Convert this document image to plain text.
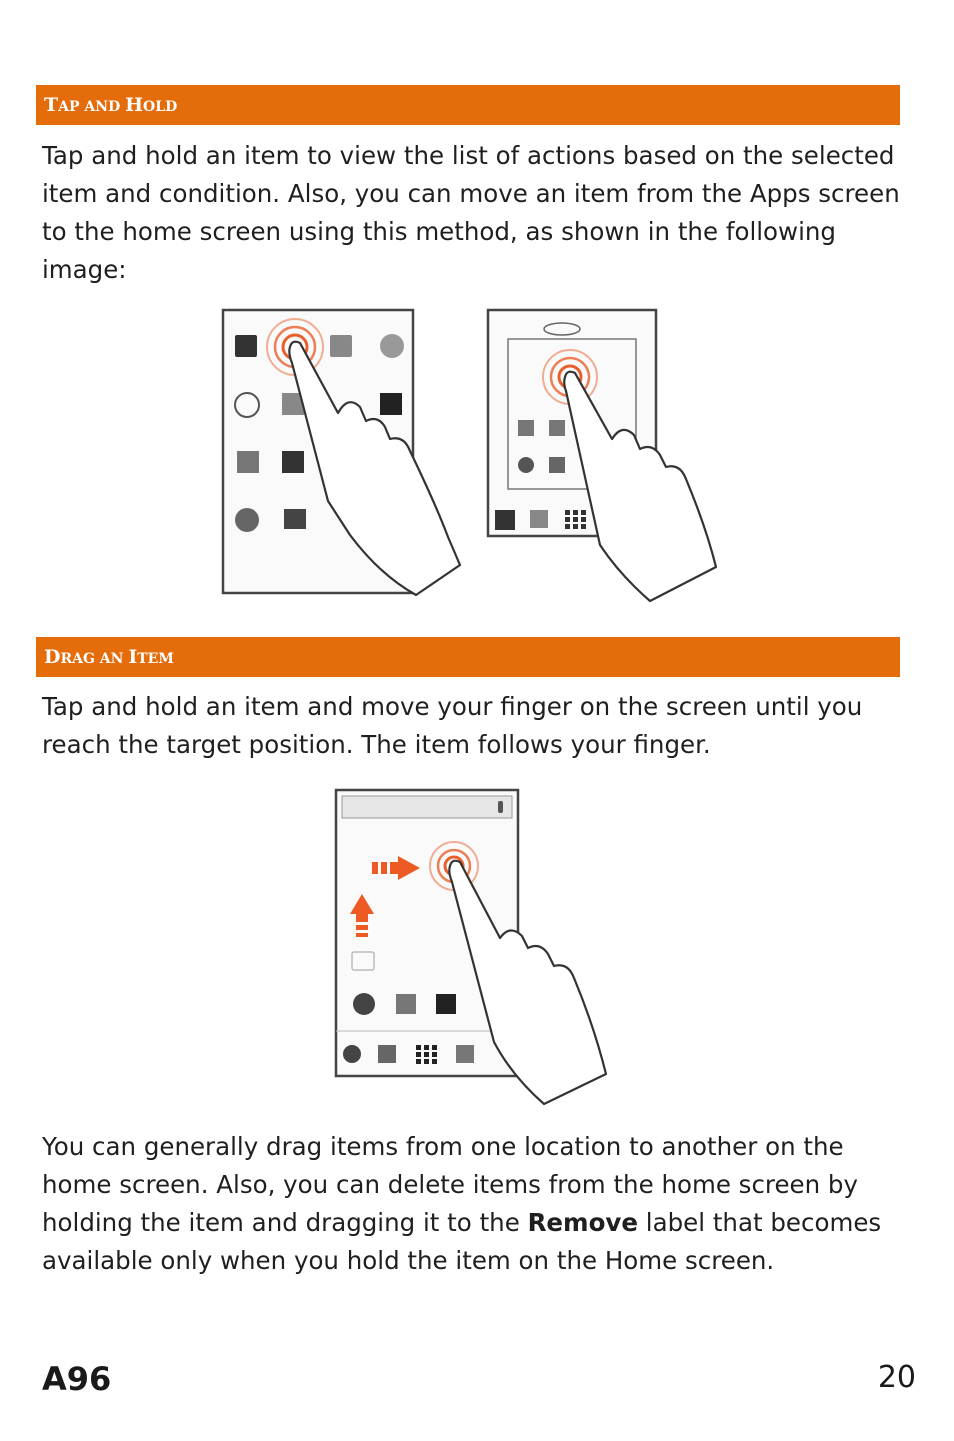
TAP AND HOLD

Tap and hold an item to view the list of actions based on the selected item and condition. Also, you can move an item from the Apps screen to the home screen using this method, as shown in the following image:

DRAG AN ITEM

Tap and hold an item and move your finger on the screen until you reach the target position. The item follows your finger.

You can generally drag items from one location to another on the home screen. Also, you can delete items from the home screen by holding the item and dragging it to the Remove label that becomes available only when you hold the item on the Home screen.

A96	20
